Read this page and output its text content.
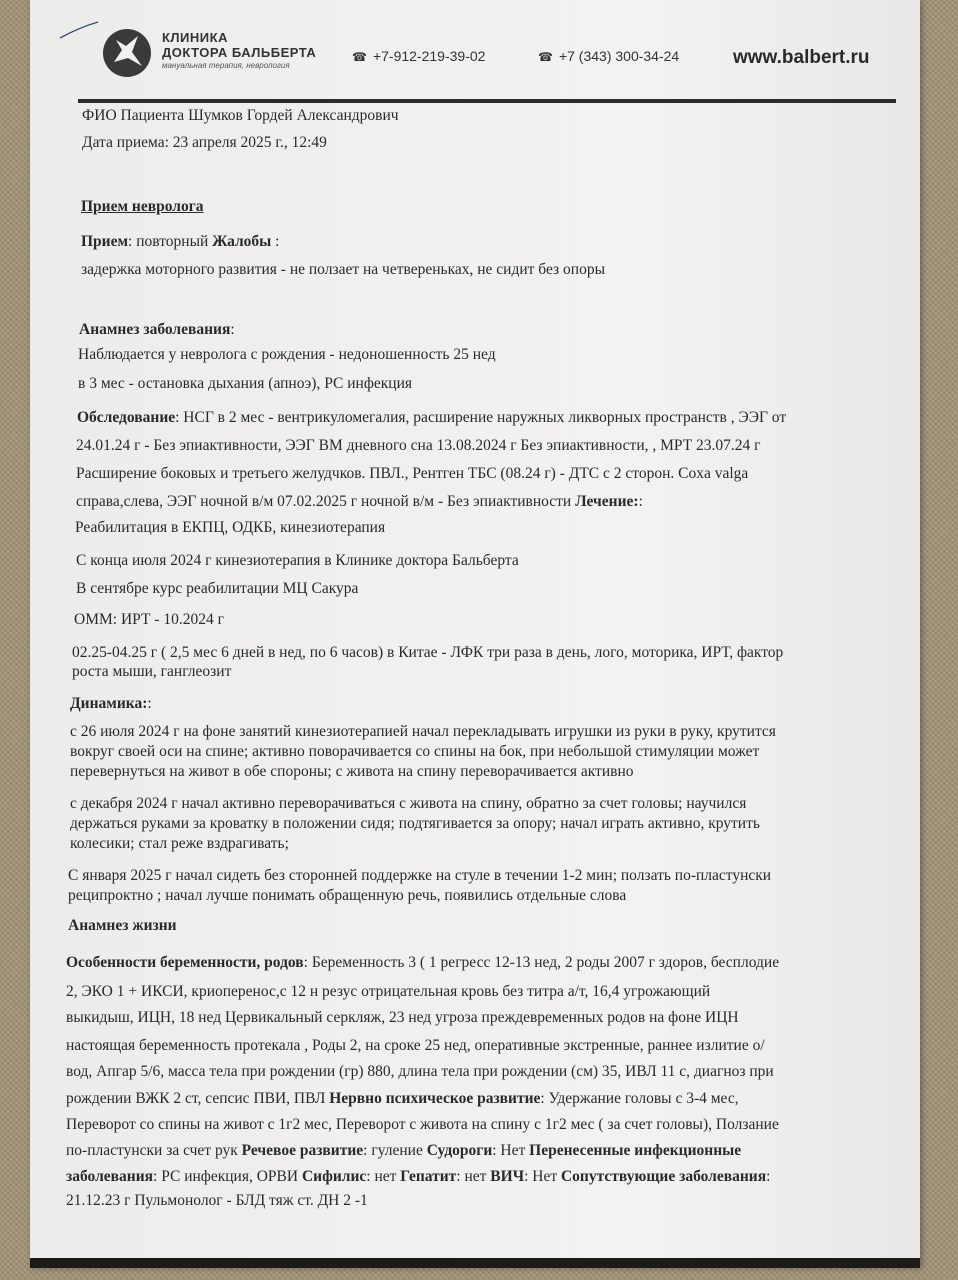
КЛИНИКА
ДОКТОРА БАЛЬБЕРТА
мануальная терапия, неврология
☎ +7-912-219-39-02	☎ +7 (343) 300-34-24	www.balbert.ru
ФИО Пациента Шумков Гордей Александрович
Дата приема: 23 апреля 2025 г., 12:49
Прием невролога
Прием: повторный Жалобы :
задержка моторного развития - не ползает на четвереньках, не сидит без опоры
Анамнез заболевания:
Наблюдается у невролога с рождения - недоношенность 25 нед
в 3 мес - остановка дыхания (апноэ), РС инфекция
Обследование: НСГ в 2 мес - вентрикуломегалия, расширение наружных ликворных пространств , ЭЭГ от
24.01.24 г - Без эпиактивности, ЭЭГ ВМ дневного сна 13.08.2024 г Без эпиактивности, , МРТ 23.07.24 г
Расширение боковых и третьего желудчков. ПВЛ., Рентген ТБС (08.24 г) - ДТС с 2 сторон. Coxa valga
справа,слева, ЭЭГ ночной в/м 07.02.2025 г ночной в/м - Без эпиактивности Лечение::
Реабилитация в ЕКПЦ, ОДКБ, кинезиотерапия
С конца июля 2024 г кинезиотерапия в Клинике доктора Бальберта
В сентябре курс реабилитации МЦ Сакура
ОММ: ИРТ - 10.2024 г
02.25-04.25 г ( 2,5 мес 6 дней в нед, по 6 часов) в Китае - ЛФК три раза в день, лого, моторика, ИРТ, фактор
роста мыши, ганглеозит
Динамика::
с 26 июля 2024 г на фоне занятий кинезиотерапией начал перекладывать игрушки из руки в руку, крутится
вокруг своей оси на спине; активно поворачивается со спины на бок, при небольшой стимуляции может
перевернуться на живот в обе спороны; с живота на спину переворачивается активно
с декабря 2024 г начал активно переворачиваться с живота на спину, обратно за счет головы; научился
держаться руками за кроватку в положении сидя; подтягивается за опору; начал играть активно, крутить
колесики; стал реже вздрагивать;
С января 2025 г начал сидеть без сторонней поддержке на стуле в течении 1-2 мин; ползать по-пластунски
реципроктно ; начал лучше понимать обращенную речь, появились отдельные слова
Анамнез жизни
Особенности беременности, родов: Беременность 3 ( 1 регресс 12-13 нед, 2 роды 2007 г здоров, бесплодие
2, ЭКО 1 + ИКСИ, криоперенос,с 12 н резус отрицательная кровь без титра а/т, 16,4 угрожающий
выкидыш, ИЦН, 18 нед Цервикальный серкляж, 23 нед угроза преждевременных родов на фоне ИЦН
настоящая беременность протекала , Роды 2, на сроке 25 нед, оперативные экстренные, раннее излитие о/
вод, Апгар 5/6, масса тела при рождении (гр) 880, длина тела при рождении (см) 35, ИВЛ 11 с, диагноз при
рождении ВЖК 2 ст, сепсис ПВИ, ПВЛ Нервно психическое развитие: Удержание головы с 3-4 мес,
Переворот со спины на живот с 1г2 мес, Переворот с живота на спину с 1г2 мес ( за счет головы), Ползание
по-пластунски за счет рук Речевое развитие: гуление Судороги: Нет Перенесенные инфекционные
заболевания: РС инфекция, ОРВИ Сифилис: нет Гепатит: нет ВИЧ: Нет Сопутствующие заболевания:
21.12.23 г Пульмонолог - БЛД тяж ст. ДН 2 -1
